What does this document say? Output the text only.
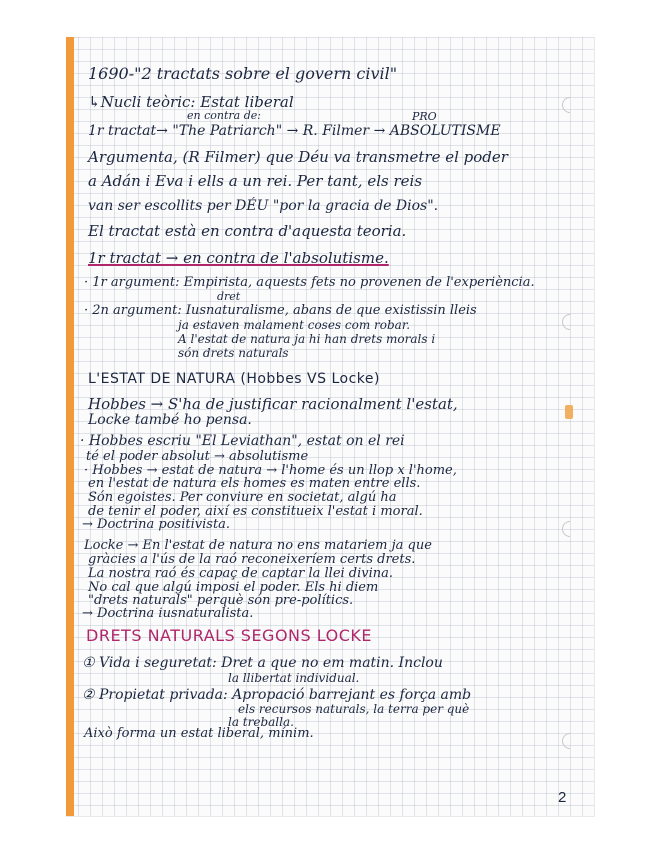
1690-"2 tractats sobre el govern civil"
↳Nucli teòric: Estat liberal
en contra de:	PRO
1r tractat→ "The Patriarch" → R. Filmer → ABSOLUTISME
Argumenta, (R Filmer) que Déu va transmetre el poder
a Adán i Eva i ells a un rei. Per tant, els reis
van ser escollits per DÉU "por la gracia de Dios".
El tractat està en contra d'aquesta teoria.
1r tractat → en contra de l'absolutisme.
· 1r argument: Empirista, aquests fets no provenen de l'experiència.
dret
· 2n argument: Iusnaturalisme, abans de que existissin lleis
ja estaven malament coses com robar.
A l'estat de natura ja hi han drets morals i
són drets naturals
L'ESTAT DE NATURA (Hobbes VS Locke)
Hobbes → S'ha de justificar racionalment l'estat,
Locke també ho pensa.
· Hobbes escriu "El Leviathan", estat on el rei
té el poder absolut → absolutisme
· Hobbes → estat de natura → l'home és un llop x l'home,
en l'estat de natura els homes es maten entre ells.
Són egoistes. Per conviure en societat, algú ha
de tenir el poder, així es constitueix l'estat i moral.
→ Doctrina positivista.
Locke → En l'estat de natura no ens matariem ja que
gràcies a l'ús de la raó reconeixeríem certs drets.
La nostra raó és capaç de captar la llei divina.
No cal que algú imposi el poder. Els hi diem
"drets naturals" perquè són pre-polítics.
→ Doctrina iusnaturalista.
DRETS NATURALS SEGONS LOCKE
① Vida i seguretat: Dret a que no em matin. Inclou
la llibertat individual.
② Propietat privada: Apropació barrejant es força amb
els recursos naturals, la terra per què
la treballa.
Això forma un estat liberal, mínim.
2
